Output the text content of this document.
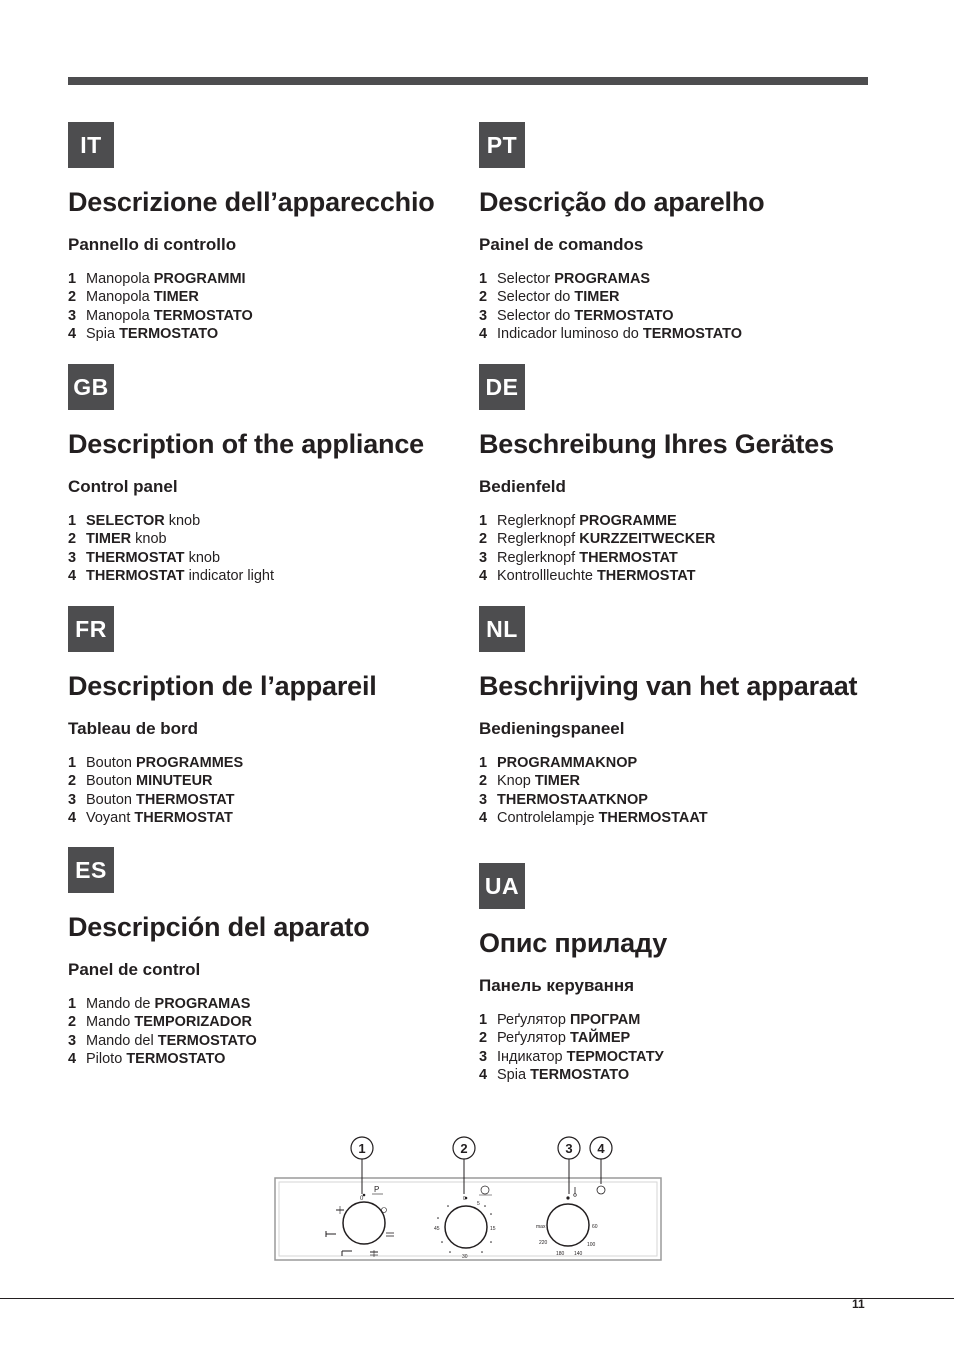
IT
Descrizione dell’apparecchio
Pannello di controllo
1 Manopola PROGRAMMI
2 Manopola TIMER
3 Manopola TERMOSTATO
4 Spia TERMOSTATO
PT
Descrição do aparelho
Painel de comandos
1 Selector PROGRAMAS
2 Selector do TIMER
3 Selector do TERMOSTATO
4 Indicador luminoso do TERMOSTATO
GB
Description of the appliance
Control panel
1 SELECTOR knob
2 TIMER knob
3 THERMOSTAT knob
4 THERMOSTAT indicator light
DE
Beschreibung Ihres Gerätes
Bedienfeld
1 Reglerknopf PROGRAMME
2 Reglerknopf KURZZEITWECKER
3 Reglerknopf THERMOSTAT
4 Kontrollleuchte THERMOSTAT
FR
Description de l’appareil
Tableau de bord
1 Bouton PROGRAMMES
2 Bouton MINUTEUR
3 Bouton THERMOSTAT
4 Voyant THERMOSTAT
NL
Beschrijving van het apparaat
Bedieningspaneel
1 PROGRAMMAKNOP
2 Knop TIMER
3 THERMOSTAATKNOP
4 Controlelampje THERMOSTAAT
ES
Descripción del aparato
Panel de control
1 Mando de PROGRAMAS
2 Mando TEMPORIZADOR
3 Mando del TERMOSTATO
4 Piloto TERMOSTATO
UA
Опис приладу
Панель керування
1 Реґулятор ПРОГРАМ
2 Реґулятор ТАЙМЕР
3 Індикатор ТЕРМОСТАТУ
4 Spia TERMOSTATO
1	2	3 4
0
P
5
15
30
45
0
max	60
100
140
180
220
11
